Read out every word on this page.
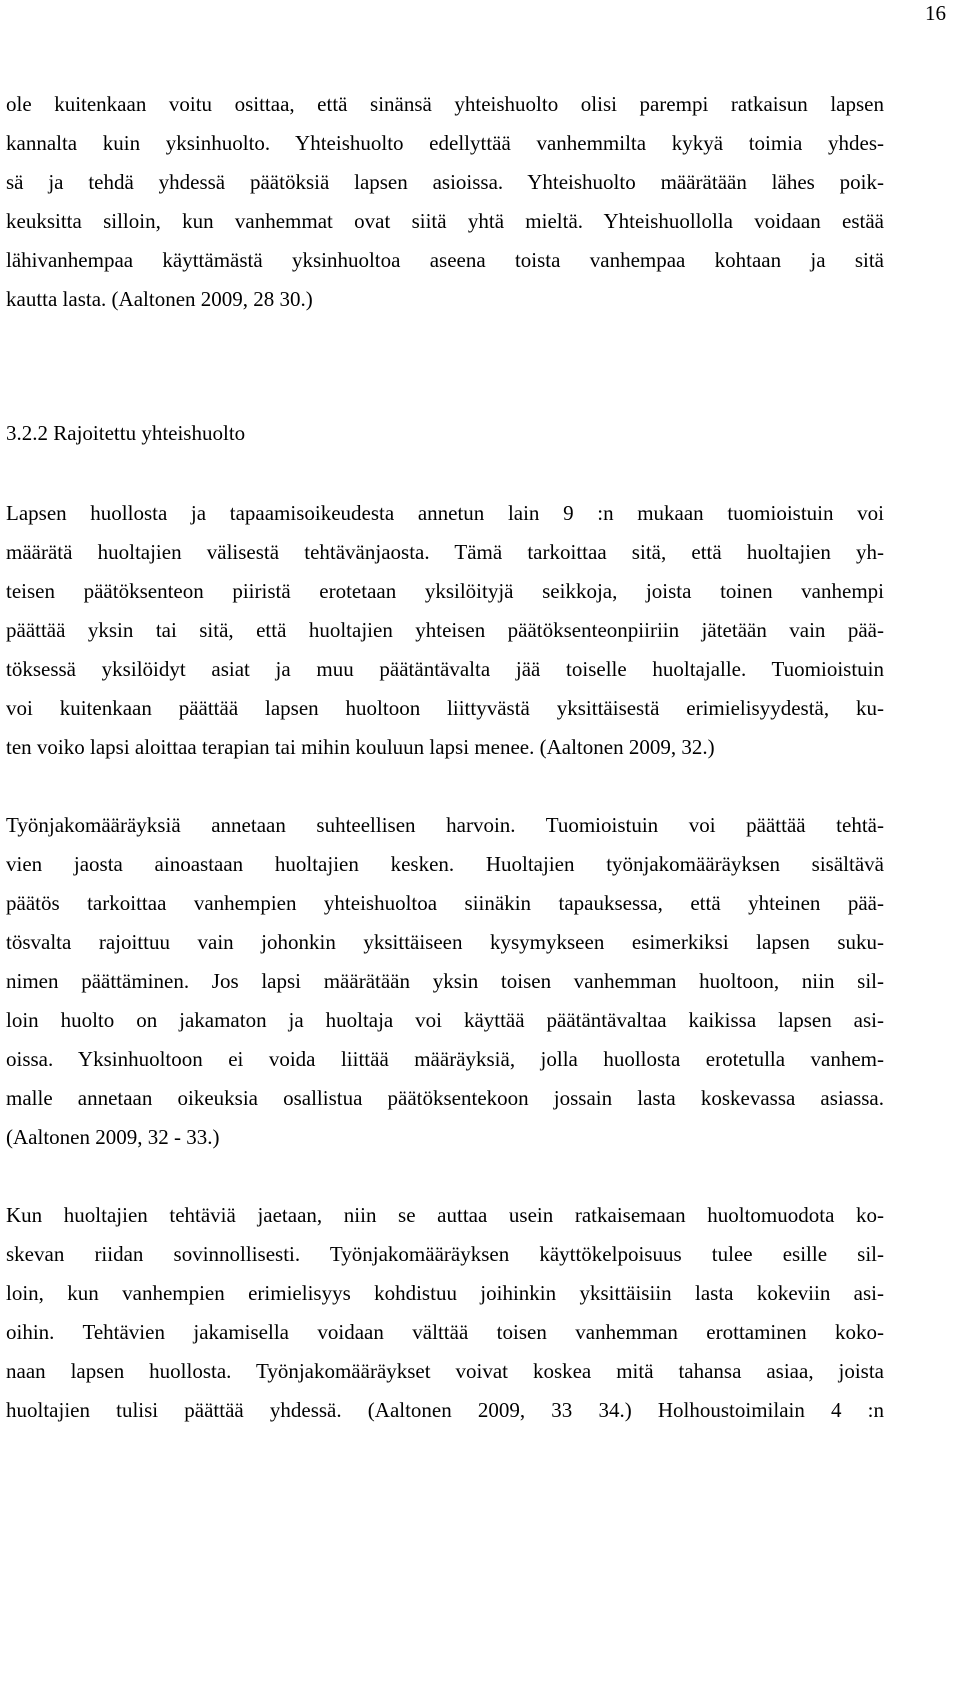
16
ole kuitenkaan voitu osittaa, että sinänsä yhteishuolto olisi parempi ratkaisun lapsen
kannalta kuin yksinhuolto. Yhteishuolto edellyttää vanhemmilta kykyä toimia yhdes-
sä ja tehdä yhdessä päätöksiä lapsen asioissa. Yhteishuolto määrätään lähes poik-
keuksitta silloin, kun vanhemmat ovat siitä yhtä mieltä. Yhteishuollolla voidaan estää
lähivanhempaa käyttämästä yksinhuoltoa aseena toista vanhempaa kohtaan ja sitä
kautta lasta. (Aaltonen 2009, 28 30.)
3.2.2 Rajoitettu yhteishuolto
Lapsen huollosta ja tapaamisoikeudesta annetun lain 9 :n mukaan tuomioistuin voi
määrätä huoltajien välisestä tehtävänjaosta. Tämä tarkoittaa sitä, että huoltajien yh-
teisen päätöksenteon piiristä erotetaan yksilöityjä seikkoja, joista toinen vanhempi
päättää yksin tai sitä, että huoltajien yhteisen päätöksenteonpiiriin jätetään vain pää-
töksessä yksilöidyt asiat ja muu päätäntävalta jää toiselle huoltajalle. Tuomioistuin
voi kuitenkaan päättää lapsen huoltoon liittyvästä yksittäisestä erimielisyydestä, ku-
ten voiko lapsi aloittaa terapian tai mihin kouluun lapsi menee. (Aaltonen 2009, 32.)
Työnjakomääräyksiä annetaan suhteellisen harvoin. Tuomioistuin voi päättää tehtä-
vien jaosta ainoastaan huoltajien kesken. Huoltajien työnjakomääräyksen sisältävä
päätös tarkoittaa vanhempien yhteishuoltoa siinäkin tapauksessa, että yhteinen pää-
tösvalta rajoittuu vain johonkin yksittäiseen kysymykseen esimerkiksi lapsen suku-
nimen päättäminen. Jos lapsi määrätään yksin toisen vanhemman huoltoon, niin sil-
loin huolto on jakamaton ja huoltaja voi käyttää päätäntävaltaa kaikissa lapsen asi-
oissa. Yksinhuoltoon ei voida liittää määräyksiä, jolla huollosta erotetulla vanhem-
malle annetaan oikeuksia osallistua päätöksentekoon jossain lasta koskevassa asiassa.
(Aaltonen 2009, 32 - 33.)
Kun huoltajien tehtäviä jaetaan, niin se auttaa usein ratkaisemaan huoltomuodota ko-
skevan riidan sovinnollisesti. Työnjakomääräyksen käyttökelpoisuus tulee esille sil-
loin, kun vanhempien erimielisyys kohdistuu joihinkin yksittäisiin lasta kokeviin asi-
oihin. Tehtävien jakamisella voidaan välttää toisen vanhemman erottaminen koko-
naan lapsen huollosta. Työnjakomääräykset voivat koskea mitä tahansa asiaa, joista
huoltajien tulisi päättää yhdessä. (Aaltonen 2009, 33 34.) Holhoustoimilain 4 :n
